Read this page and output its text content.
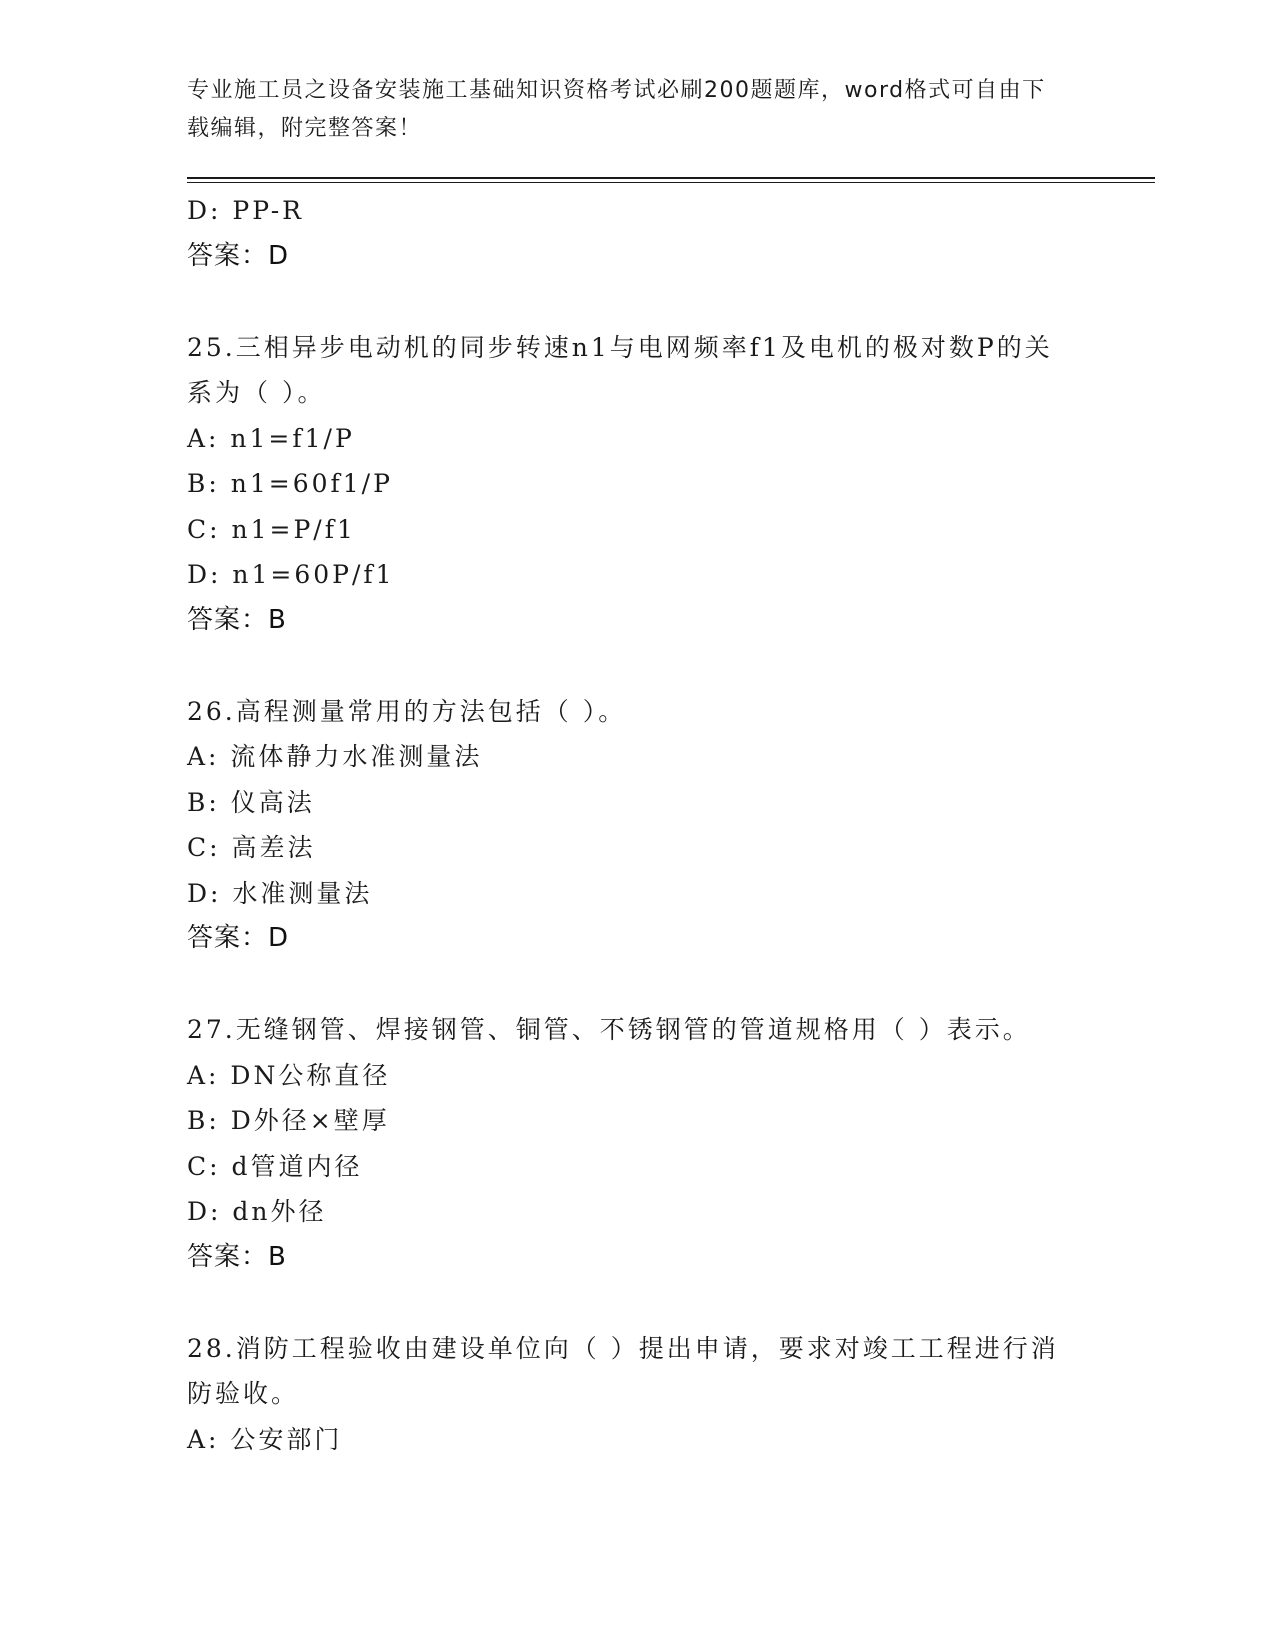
专业施工员之设备安装施工基础知识资格考试必刷200题题库，word格式可自由下载编辑，附完整答案！
D: PP-R
答案：D
25.三相异步电动机的同步转速n1与电网频率f1及电机的极对数P的关系为（ ）。
A: n1=f1/P
B: n1=60f1/P
C: n1=P/f1
D: n1=60P/f1
答案：B
26.高程测量常用的方法包括（ ）。
A: 流体静力水准测量法
B: 仪高法
C: 高差法
D: 水准测量法
答案：D
27.无缝钢管、焊接钢管、铜管、不锈钢管的管道规格用（ ）表示。
A: DN公称直径
B: D外径×壁厚
C: d管道内径
D: dn外径
答案：B
28.消防工程验收由建设单位向（ ）提出申请，要求对竣工工程进行消防验收。
A: 公安部门
